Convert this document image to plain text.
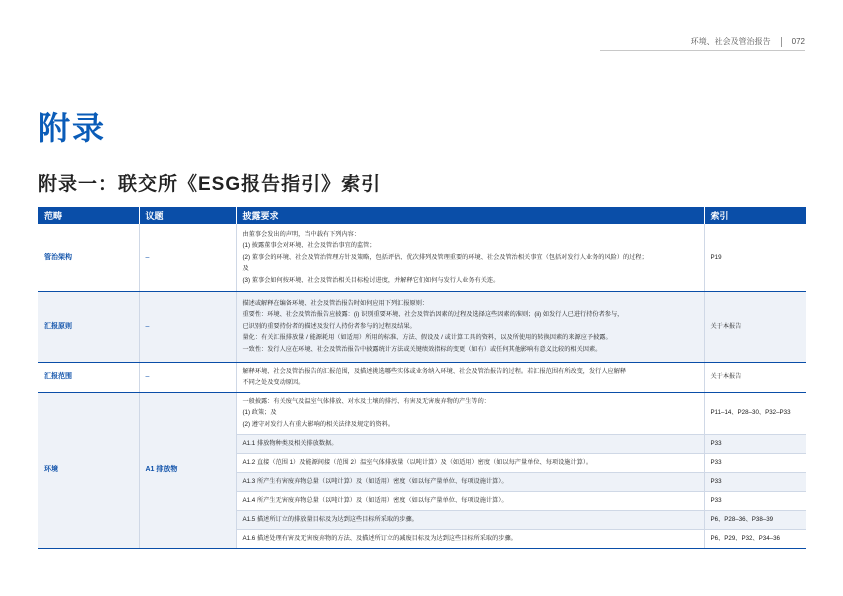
环境、社会及管治报告	072
附录
附录一：联交所《ESG报告指引》索引
范畴	议题	披露要求	索引
管治架构	–	由董事会发出的声明，当中载有下列内容：

(1) 披露董事会对环境、社会及管治事宜的监管；

(2) 董事会的环境、社会及管治管理方针及策略，包括评估、优次排列及管理重要的环境、社会及管治相关事宜（包括对发行人业务的风险）的过程；

及

(3) 董事会如何按环境、社会及管治相关目标检讨进度，并解释它们如何与发行人业务有关连。	P19
汇报原则	–	描述或解释在编备环境、社会及管治报告时如何应用下列汇报原则：

重要性：环境、社会及管治报告应披露：(i) 识别重要环境、社会及管治因素的过程及选择这些因素的准则；(ii) 如发行人已进行持份者参与，

已识别的重要持份者的描述及发行人持份者参与的过程及结果。

量化：有关汇报排放量 / 能源耗用（如适用）所用的标准、方法、假设及 / 或计算工具的资料，以及所使用的转换因素的来源应予披露。

一致性：发行人应在环境、社会及管治报告中披露统计方法或关键绩效指标的变更（如有）或任何其他影响有意义比较的相关因素。	关于本报告
汇报范围	–	解释环境、社会及管治报告的汇报范围，及描述挑选哪些实体或业务纳入环境、社会及管治报告的过程。若汇报范围有所改变，发行人应解释

不同之处及变动原因。	关于本报告
环境	A1 排放物	一般披露：有关废气及温室气体排放、对水及土壤的排污、有害及无害废弃物的产生等的：

(1) 政策；及

(2) 遵守对发行人有重大影响的相关法律及规定的资料。	P11–14、P28–30、P32–P33
		A1.1 排放物种类及相关排放数据。	P33
		A1.2 直接（范围 1）及能源间接（范围 2）温室气体排放量（以吨计算）及（如适用）密度（如以每产量单位、每项设施计算）。	P33
		A1.3 所产生有害废弃物总量（以吨计算）及（如适用）密度（如以每产量单位、每项设施计算）。	P33
		A1.4 所产生无害废弃物总量（以吨计算）及（如适用）密度（如以每产量单位、每项设施计算）。	P33
		A1.5 描述所订立的排放量目标及为达到这些目标所采取的步骤。	P6、P28–36、P38–39
		A1.6 描述处理有害及无害废弃物的方法、及描述所订立的减废目标及为达到这些目标所采取的步骤。	P6、P29、P32、P34–36
